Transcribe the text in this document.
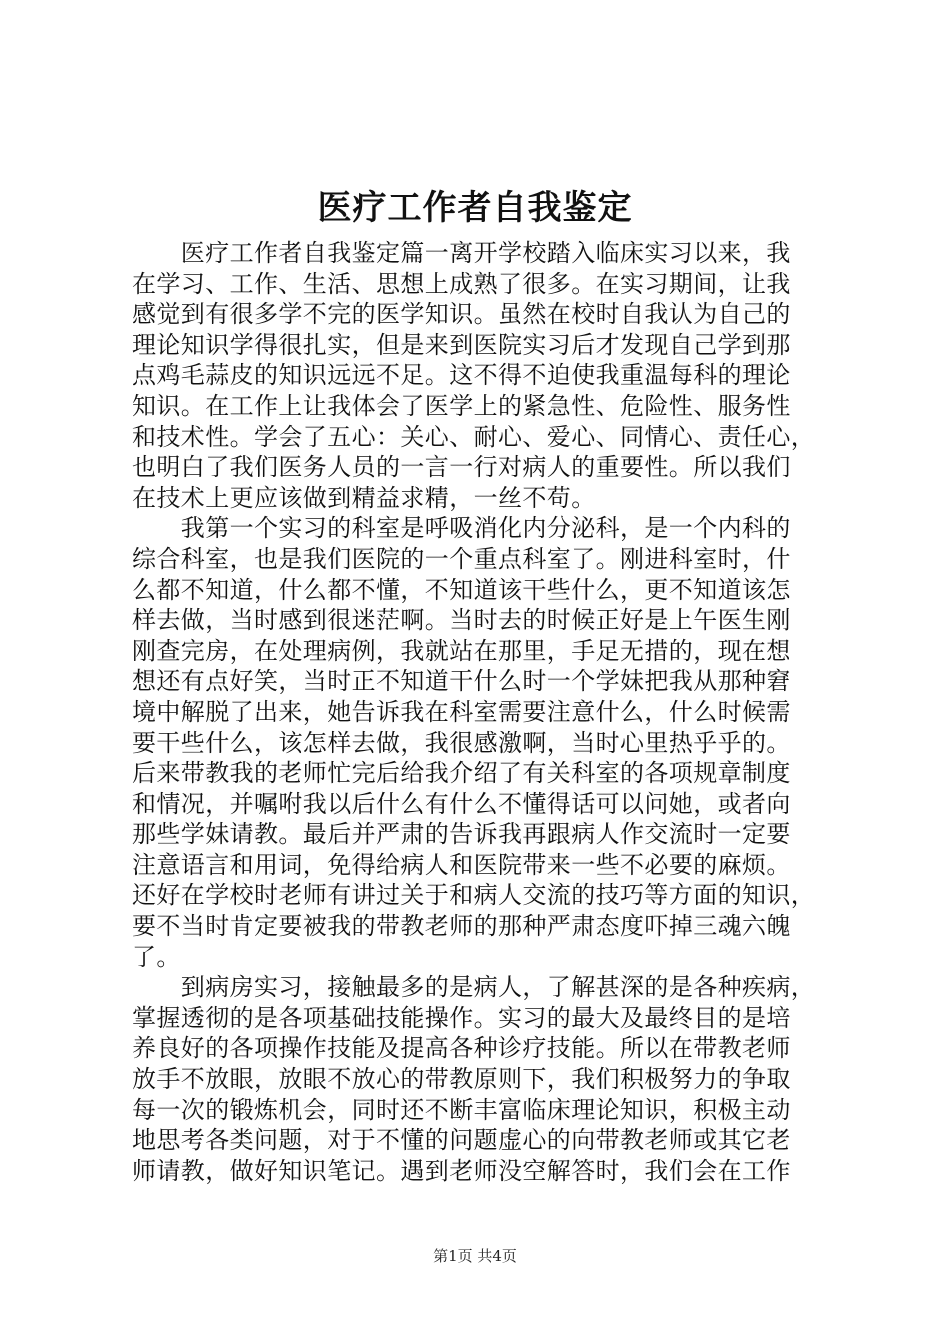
医疗工作者自我鉴定
　　医疗工作者自我鉴定篇一离开学校踏入临床实习以来，我
在学习、工作、生活、思想上成熟了很多。在实习期间，让我
感觉到有很多学不完的医学知识。虽然在校时自我认为自己的
理论知识学得很扎实，但是来到医院实习后才发现自己学到那
点鸡毛蒜皮的知识远远不足。这不得不迫使我重温每科的理论
知识。在工作上让我体会了医学上的紧急性、危险性、服务性
和技术性。学会了五心：关心、耐心、爱心、同情心、责任心，
也明白了我们医务人员的一言一行对病人的重要性。所以我们
在技术上更应该做到精益求精，一丝不苟。
　　我第一个实习的科室是呼吸消化内分泌科，是一个内科的
综合科室，也是我们医院的一个重点科室了。刚进科室时，什
么都不知道，什么都不懂，不知道该干些什么，更不知道该怎
样去做，当时感到很迷茫啊。当时去的时候正好是上午医生刚
刚查完房，在处理病例，我就站在那里，手足无措的，现在想
想还有点好笑，当时正不知道干什么时一个学妹把我从那种窘
境中解脱了出来，她告诉我在科室需要注意什么，什么时候需
要干些什么，该怎样去做，我很感激啊，当时心里热乎乎的。
后来带教我的老师忙完后给我介绍了有关科室的各项规章制度
和情况，并嘱咐我以后什么有什么不懂得话可以问她，或者向
那些学妹请教。最后并严肃的告诉我再跟病人作交流时一定要
注意语言和用词，免得给病人和医院带来一些不必要的麻烦。
还好在学校时老师有讲过关于和病人交流的技巧等方面的知识，
要不当时肯定要被我的带教老师的那种严肃态度吓掉三魂六魄
了。
　　到病房实习，接触最多的是病人，了解甚深的是各种疾病，
掌握透彻的是各项基础技能操作。实习的最大及最终目的是培
养良好的各项操作技能及提高各种诊疗技能。所以在带教老师
放手不放眼，放眼不放心的带教原则下，我们积极努力的争取
每一次的锻炼机会，同时还不断丰富临床理论知识，积极主动
地思考各类问题，对于不懂的问题虚心的向带教老师或其它老
师请教，做好知识笔记。遇到老师没空解答时，我们会在工作
第1页 共4页
